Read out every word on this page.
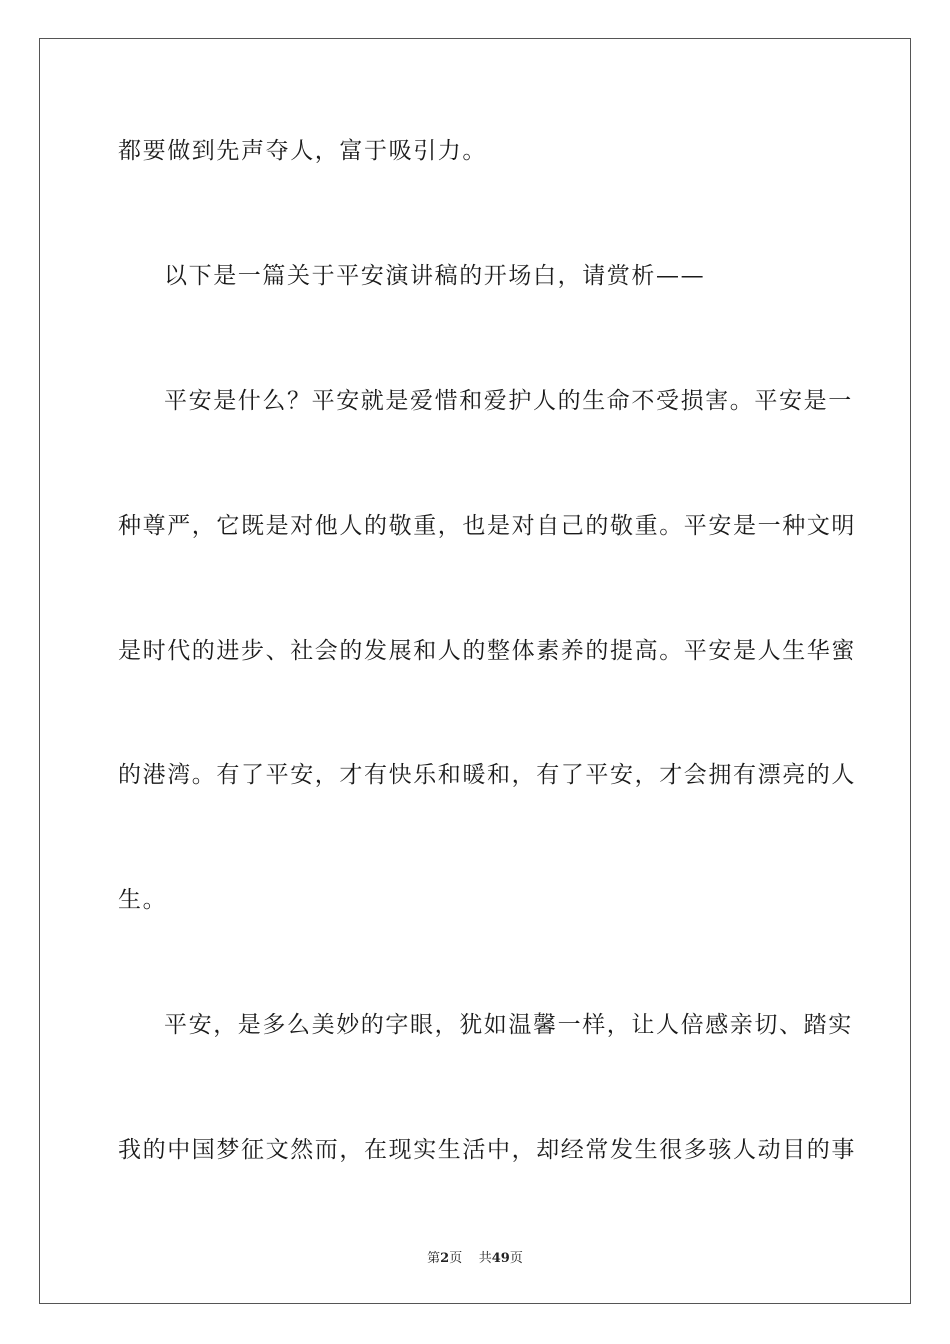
都要做到先声夺人，富于吸引力。
以下是一篇关于平安演讲稿的开场白，请赏析——
平安是什么？平安就是爱惜和爱护人的生命不受损害。平安是一
种尊严，它既是对他人的敬重，也是对自己的敬重。平安是一种文明
是时代的进步、社会的发展和人的整体素养的提高。平安是人生华蜜
的港湾。有了平安，才有快乐和暖和，有了平安，才会拥有漂亮的人
生。
平安，是多么美妙的字眼，犹如温馨一样，让人倍感亲切、踏实
我的中国梦征文然而，在现实生活中，却经常发生很多骇人动目的事
第2页 共49页
